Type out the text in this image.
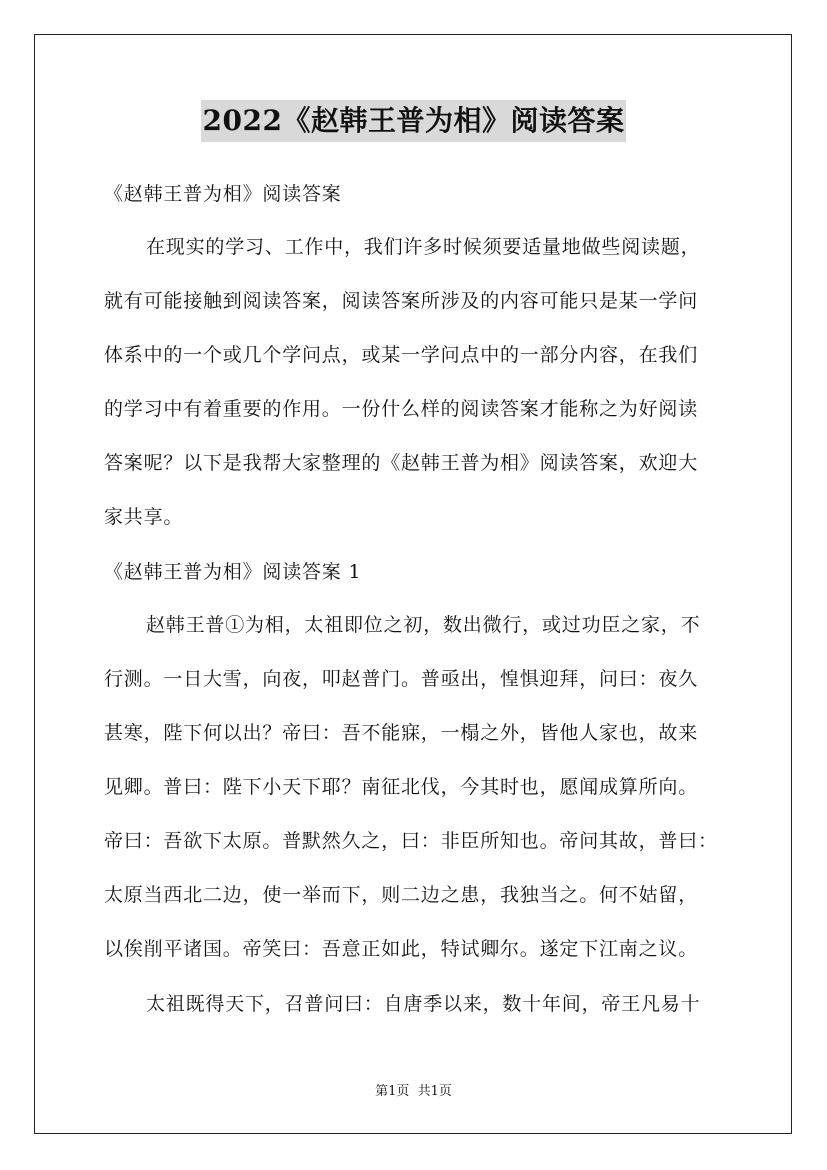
2022《赵韩王普为相》阅读答案
《赵韩王普为相》阅读答案
在现实的学习、工作中，我们许多时候须要适量地做些阅读题，
就有可能接触到阅读答案，阅读答案所涉及的内容可能只是某一学问
体系中的一个或几个学问点，或某一学问点中的一部分内容，在我们
的学习中有着重要的作用。一份什么样的阅读答案才能称之为好阅读
答案呢？以下是我帮大家整理的《赵韩王普为相》阅读答案，欢迎大
家共享。
《赵韩王普为相》阅读答案 1
赵韩王普①为相，太祖即位之初，数出微行，或过功臣之家，不
行测。一日大雪，向夜，叩赵普门。普亟出，惶惧迎拜，问曰：夜久
甚寒，陛下何以出？帝曰：吾不能寐，一榻之外，皆他人家也，故来
见卿。普曰：陛下小天下耶？南征北伐，今其时也，愿闻成算所向。
帝曰：吾欲下太原。普默然久之，曰：非臣所知也。帝问其故，普曰：
太原当西北二边，使一举而下，则二边之患，我独当之。何不姑留，
以俟削平诸国。帝笑曰：吾意正如此，特试卿尔。遂定下江南之议。
太祖既得天下，召普问曰：自唐季以来，数十年间，帝王凡易十
第1页 共1页
